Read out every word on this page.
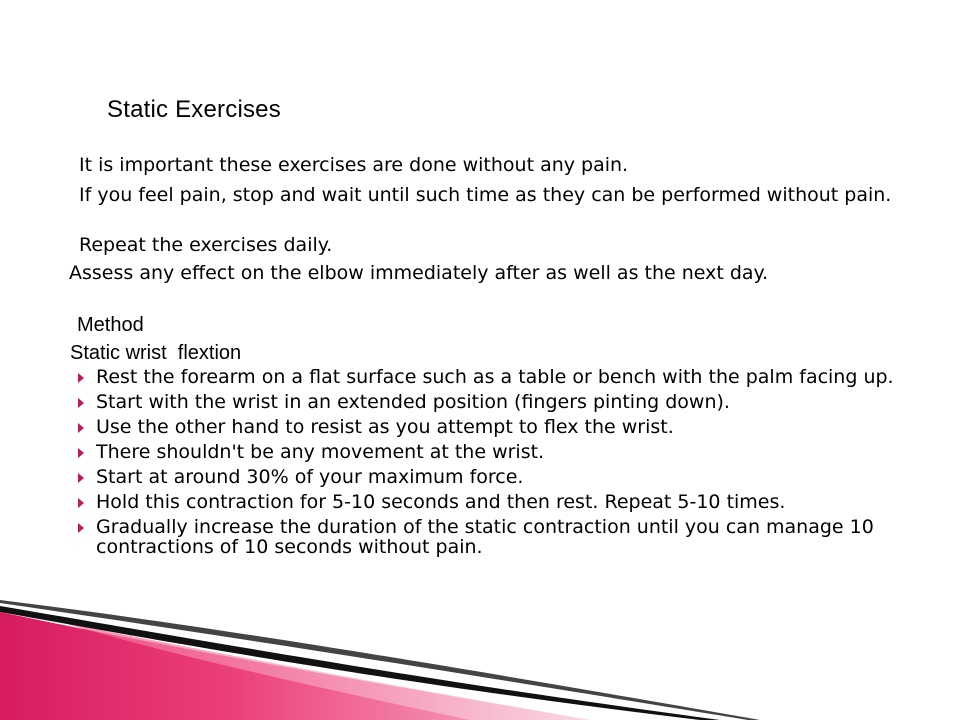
Static Exercises
It is important these exercises are done without any pain.
If you feel pain, stop and wait until such time as they can be performed without pain.
Repeat the exercises daily.
Assess any effect on the elbow immediately after as well as the next day.
Method
Static wrist  flextion
Rest the forearm on a flat surface such as a table or bench with the palm facing up.
Start with the wrist in an extended position (fingers pinting down).
Use the other hand to resist as you attempt to flex the wrist.
There shouldn't be any movement at the wrist.
Start at around 30% of your maximum force.
Hold this contraction for 5-10 seconds and then rest. Repeat 5-10 times.
Gradually increase the duration of the static contraction until you can manage 10 contractions of 10 seconds without pain.
